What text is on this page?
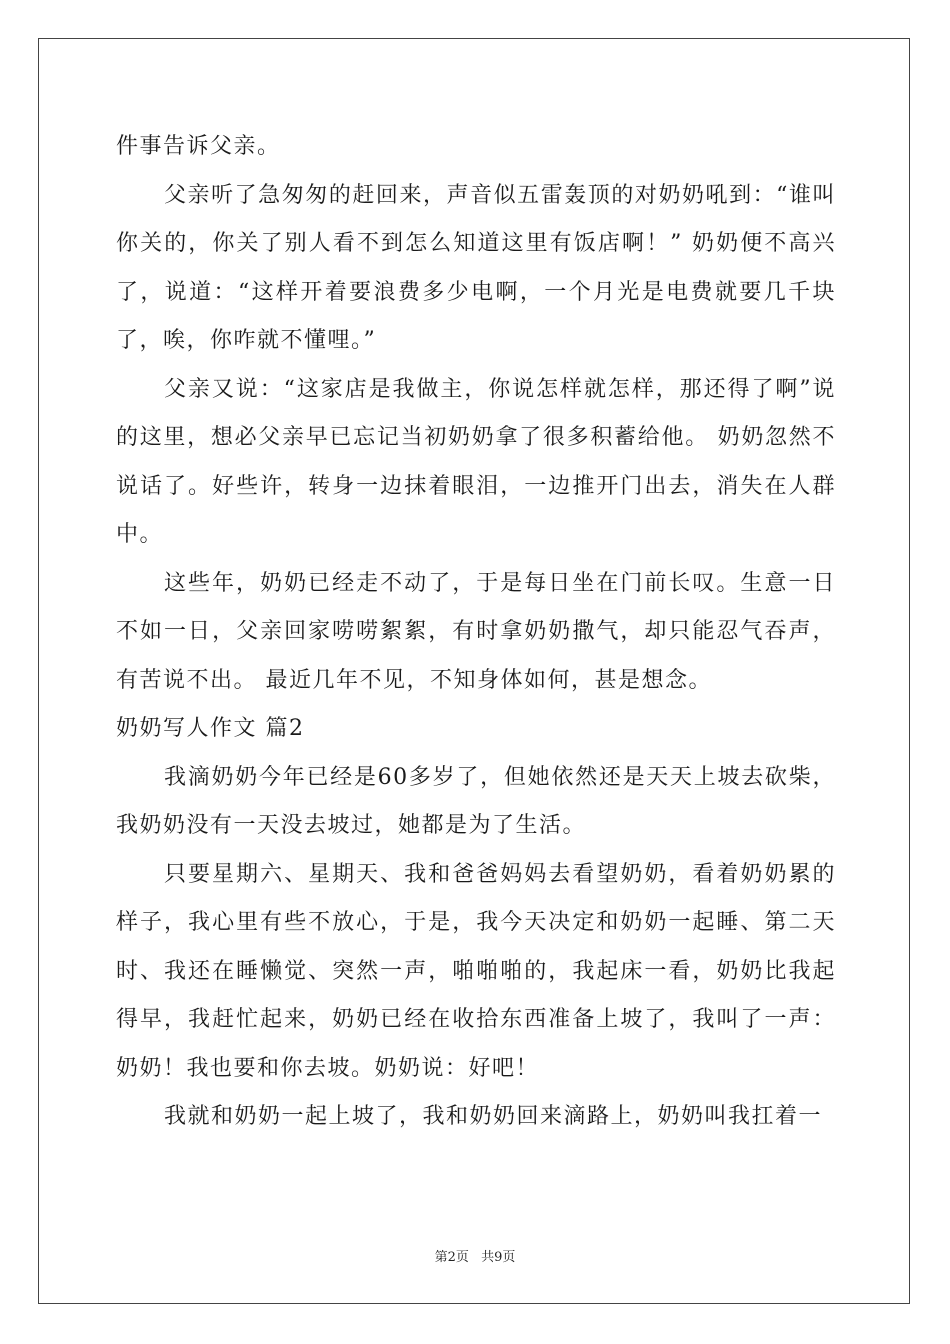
件事告诉父亲。

父亲听了急匆匆的赶回来，声音似五雷轰顶的对奶奶吼到：“谁叫你关的，你关了别人看不到怎么知道这里有饭店啊！” 奶奶便不高兴了，说道：“这样开着要浪费多少电啊，一个月光是电费就要几千块了，唉，你咋就不懂哩。”

父亲又说：“这家店是我做主，你说怎样就怎样，那还得了啊”说的这里，想必父亲早已忘记当初奶奶拿了很多积蓄给他。 奶奶忽然不说话了。好些许，转身一边抹着眼泪，一边推开门出去，消失在人群中。

这些年，奶奶已经走不动了，于是每日坐在门前长叹。生意一日不如一日，父亲回家唠唠絮絮，有时拿奶奶撒气，却只能忍气吞声，有苦说不出。 最近几年不见，不知身体如何，甚是想念。

奶奶写人作文 篇2

我滴奶奶今年已经是60多岁了，但她依然还是天天上坡去砍柴，我奶奶没有一天没去坡过，她都是为了生活。

只要星期六、星期天、我和爸爸妈妈去看望奶奶，看着奶奶累的样子，我心里有些不放心，于是，我今天决定和奶奶一起睡、第二天时、我还在睡懒觉、突然一声，啪啪啪的，我起床一看，奶奶比我起得早，我赶忙起来，奶奶已经在收拾东西准备上坡了，我叫了一声：奶奶！我也要和你去坡。奶奶说：好吧！

我就和奶奶一起上坡了，我和奶奶回来滴路上，奶奶叫我扛着一

第2页 共9页
